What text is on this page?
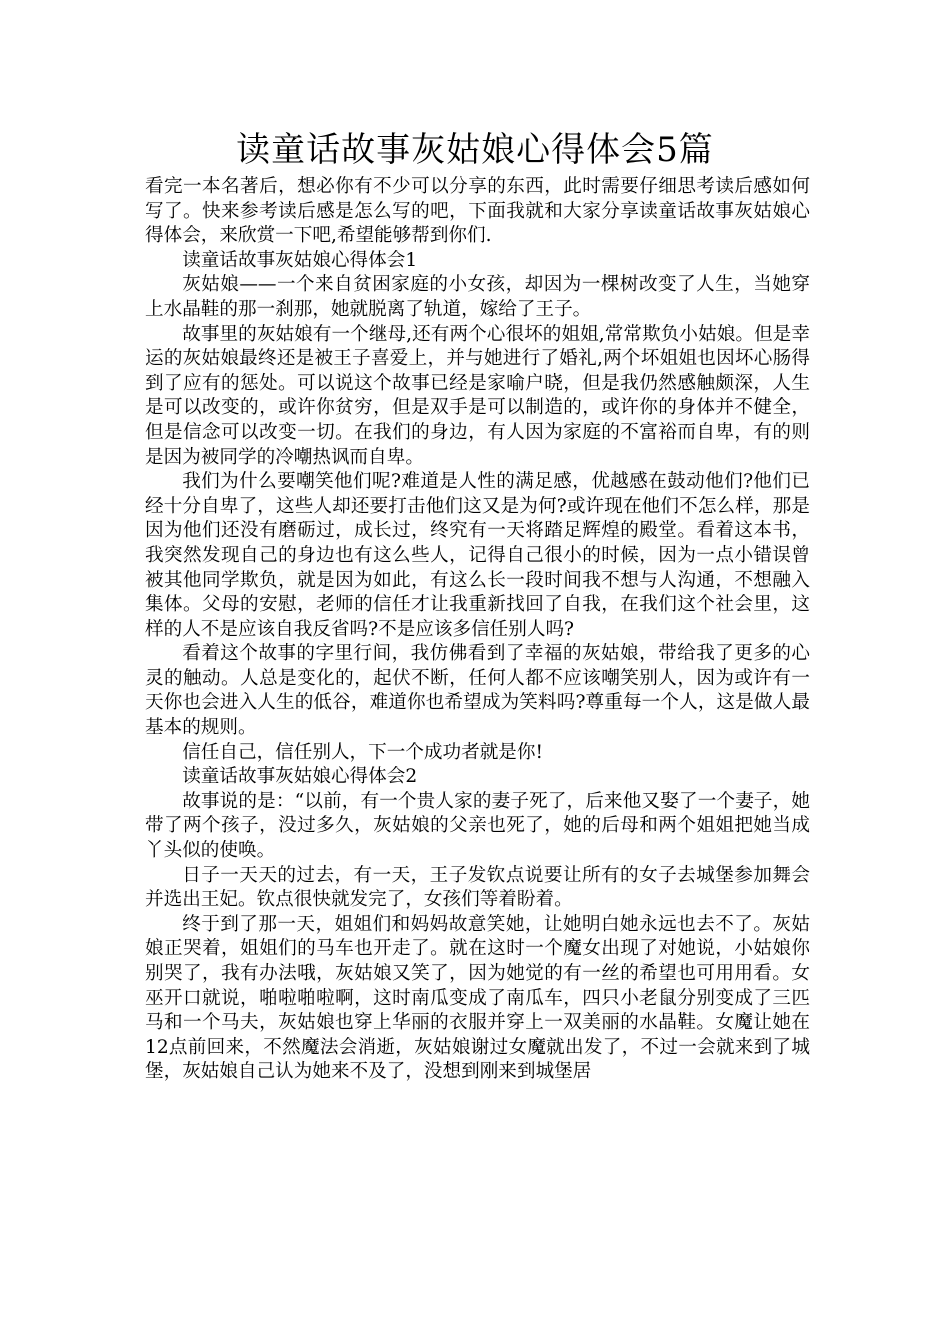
读童话故事灰姑娘心得体会5篇

看完一本名著后，想必你有不少可以分享的东西，此时需要仔细思考读后感如何写了。快来参考读后感是怎么写的吧，下面我就和大家分享读童话故事灰姑娘心得体会，来欣赏一下吧,希望能够帮到你们.

读童话故事灰姑娘心得体会1

灰姑娘——一个来自贫困家庭的小女孩，却因为一棵树改变了人生，当她穿上水晶鞋的那一刹那，她就脱离了轨道，嫁给了王子。

故事里的灰姑娘有一个继母,还有两个心很坏的姐姐,常常欺负小姑娘。但是幸运的灰姑娘最终还是被王子喜爱上，并与她进行了婚礼,两个坏姐姐也因坏心肠得到了应有的惩处。可以说这个故事已经是家喻户晓，但是我仍然感触颇深，人生是可以改变的，或许你贫穷，但是双手是可以制造的，或许你的身体并不健全，但是信念可以改变一切。在我们的身边，有人因为家庭的不富裕而自卑，有的则是因为被同学的冷嘲热讽而自卑。

我们为什么要嘲笑他们呢?难道是人性的满足感，优越感在鼓动他们?他们已经十分自卑了，这些人却还要打击他们这又是为何?或许现在他们不怎么样，那是因为他们还没有磨砺过，成长过，终究有一天将踏足辉煌的殿堂。看着这本书，我突然发现自己的身边也有这么些人，记得自己很小的时候，因为一点小错误曾被其他同学欺负，就是因为如此，有这么长一段时间我不想与人沟通，不想融入集体。父母的安慰，老师的信任才让我重新找回了自我，在我们这个社会里，这样的人不是应该自我反省吗?不是应该多信任别人吗?

看着这个故事的字里行间，我仿佛看到了幸福的灰姑娘，带给我了更多的心灵的触动。人总是变化的，起伏不断，任何人都不应该嘲笑别人，因为或许有一天你也会进入人生的低谷，难道你也希望成为笑料吗?尊重每一个人，这是做人最基本的规则。

信任自己，信任别人，下一个成功者就是你!

读童话故事灰姑娘心得体会2

故事说的是：“以前，有一个贵人家的妻子死了，后来他又娶了一个妻子，她带了两个孩子，没过多久，灰姑娘的父亲也死了，她的后母和两个姐姐把她当成丫头似的使唤。

日子一天天的过去，有一天，王子发钦点说要让所有的女子去城堡参加舞会并选出王妃。钦点很快就发完了，女孩们等着盼着。

终于到了那一天，姐姐们和妈妈故意笑她，让她明白她永远也去不了。灰姑娘正哭着，姐姐们的马车也开走了。就在这时一个魔女出现了对她说，小姑娘你别哭了，我有办法哦，灰姑娘又笑了，因为她觉的有一丝的希望也可用用看。女巫开口就说，啪啦啪啦啊，这时南瓜变成了南瓜车，四只小老鼠分别变成了三匹马和一个马夫，灰姑娘也穿上华丽的衣服并穿上一双美丽的水晶鞋。女魔让她在12点前回来，不然魔法会消逝，灰姑娘谢过女魔就出发了，不过一会就来到了城堡，灰姑娘自己认为她来不及了，没想到刚来到城堡居
